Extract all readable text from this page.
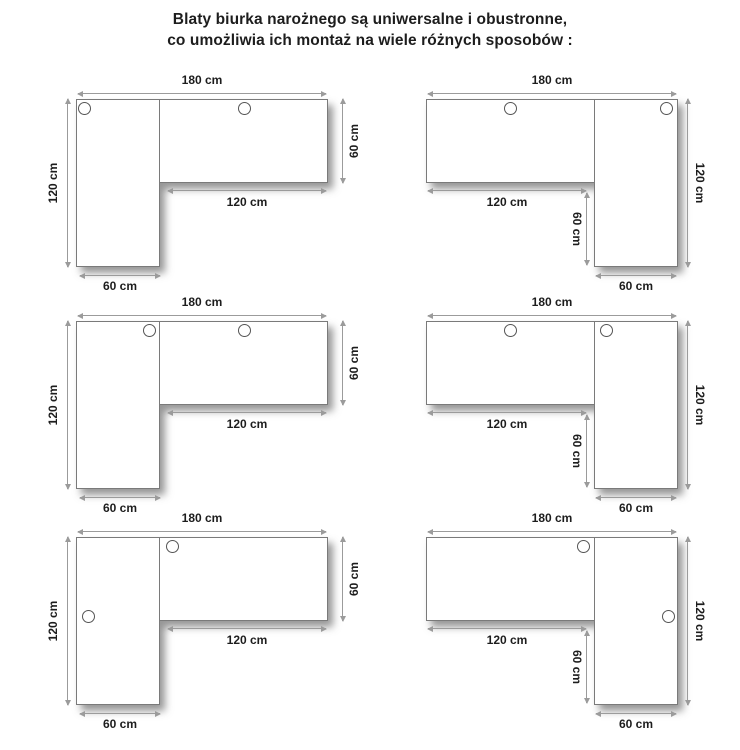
Blaty biurka narożnego są uniwersalne i obustronne,
co umożliwia ich montaż na wiele różnych sposobów :
180 cm
120 cm
60 cm
120 cm
60 cm
180 cm
120 cm
120 cm
60 cm
60 cm
180 cm
120 cm
60 cm
120 cm
60 cm
180 cm
120 cm
120 cm
60 cm
60 cm
180 cm
120 cm
60 cm
120 cm
60 cm
180 cm
120 cm
120 cm
60 cm
60 cm
